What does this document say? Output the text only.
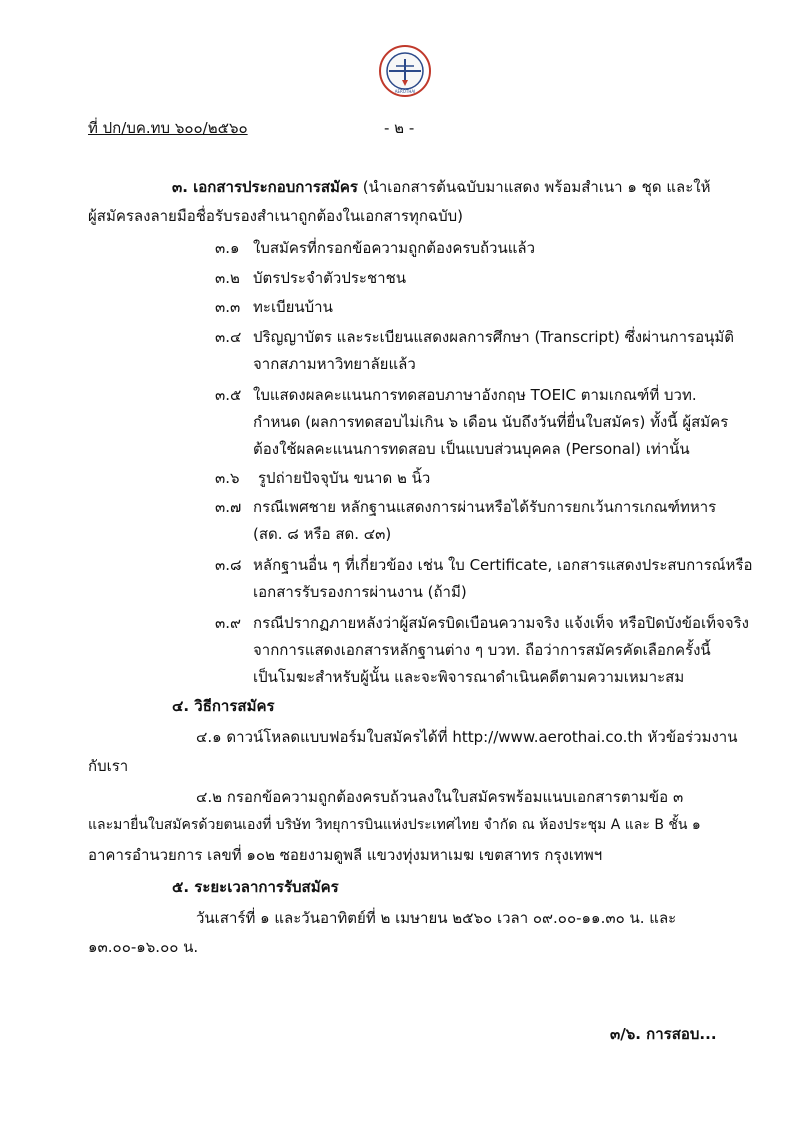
AEROTHAI
ที่ ปก/บค.ทบ ๖๐๐/๒๕๖๐	- ๒ -
๓. เอกสารประกอบการสมัคร (นำเอกสารต้นฉบับมาแสดง พร้อมสำเนา ๑ ชุด และให้
ผู้สมัครลงลายมือชื่อรับรองสำเนาถูกต้องในเอกสารทุกฉบับ)
๓.๑ ใบสมัครที่กรอกข้อความถูกต้องครบถ้วนแล้ว
๓.๒ บัตรประจำตัวประชาชน
๓.๓ ทะเบียนบ้าน
๓.๔ ปริญญาบัตร และระเบียนแสดงผลการศึกษา (Transcript) ซึ่งผ่านการอนุมัติ
จากสภามหาวิทยาลัยแล้ว
๓.๕ ใบแสดงผลคะแนนการทดสอบภาษาอังกฤษ TOEIC ตามเกณฑ์ที่ บวท.
กำหนด (ผลการทดสอบไม่เกิน ๖ เดือน นับถึงวันที่ยื่นใบสมัคร) ทั้งนี้ ผู้สมัคร
ต้องใช้ผลคะแนนการทดสอบ เป็นแบบส่วนบุคคล (Personal) เท่านั้น
๓.๖ รูปถ่ายปัจจุบัน ขนาด ๒ นิ้ว
๓.๗ กรณีเพศชาย หลักฐานแสดงการผ่านหรือได้รับการยกเว้นการเกณฑ์ทหาร
(สด. ๘ หรือ สด. ๔๓)
๓.๘ หลักฐานอื่น ๆ ที่เกี่ยวข้อง เช่น ใบ Certificate, เอกสารแสดงประสบการณ์หรือ
เอกสารรับรองการผ่านงาน (ถ้ามี)
๓.๙ กรณีปรากฏภายหลังว่าผู้สมัครบิดเบือนความจริง แจ้งเท็จ หรือปิดบังข้อเท็จจริง
จากการแสดงเอกสารหลักฐานต่าง ๆ บวท. ถือว่าการสมัครคัดเลือกครั้งนี้
เป็นโมฆะสำหรับผู้นั้น และจะพิจารณาดำเนินคดีตามความเหมาะสม
๔. วิธีการสมัคร
๔.๑ ดาวน์โหลดแบบฟอร์มใบสมัครได้ที่ http://www.aerothai.co.th หัวข้อร่วมงาน
กับเรา
๔.๒ กรอกข้อความถูกต้องครบถ้วนลงในใบสมัครพร้อมแนบเอกสารตามข้อ ๓
และมายื่นใบสมัครด้วยตนเองที่ บริษัท วิทยุการบินแห่งประเทศไทย จำกัด ณ ห้องประชุม A และ B ชั้น ๑
อาคารอำนวยการ เลขที่ ๑๐๒ ซอยงามดูพลี แขวงทุ่งมหาเมฆ เขตสาทร กรุงเทพฯ
๕. ระยะเวลาการรับสมัคร
วันเสาร์ที่ ๑ และวันอาทิตย์ที่ ๒ เมษายน ๒๕๖๐ เวลา ๐๙.๐๐-๑๑.๓๐ น. และ
๑๓.๐๐-๑๖.๐๐ น.
๓/๖. การสอบ...
